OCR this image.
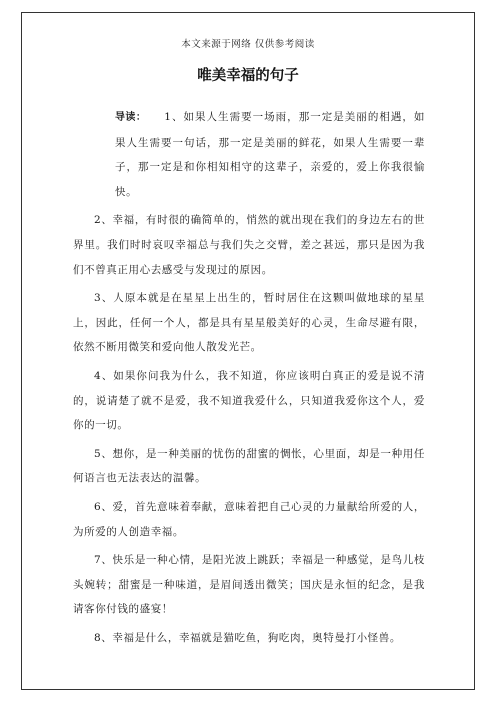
本文来源于网络 仅供参考阅读
唯美幸福的句子

导读： 1、如果人生需要一场雨，那一定是美丽的相遇，如果人生需要一句话，那一定是美丽的鲜花，如果人生需要一辈子，那一定是和你相知相守的这辈子，亲爱的，爱上你我很愉快。

2、幸福，有时很的确简单的，悄然的就出现在我们的身边左右的世界里。我们时时哀叹幸福总与我们失之交臂，差之甚远，那只是因为我们不曾真正用心去感受与发现过的原因。

3、人原本就是在星星上出生的，暂时居住在这颗叫做地球的星星上，因此，任何一个人，都是具有星星般美好的心灵，生命尽避有限，依然不断用微笑和爱向他人散发光芒。

4、如果你问我为什么，我不知道，你应该明白真正的爱是说不清的，说请楚了就不是爱，我不知道我爱什么，只知道我爱你这个人，爱你的一切。

5、想你，是一种美丽的忧伤的甜蜜的惆怅，心里面，却是一种用任何语言也无法表达的温馨。

6、爱，首先意味着奉献，意味着把自己心灵的力量献给所爱的人，为所爱的人创造幸福。

7、快乐是一种心情，是阳光波上跳跃；幸福是一种感觉，是鸟儿枝头婉转；甜蜜是一种味道，是眉间透出微笑；国庆是永恒的纪念，是我请客你付钱的盛宴！

8、幸福是什么，幸福就是猫吃鱼，狗吃肉，奥特曼打小怪兽。
